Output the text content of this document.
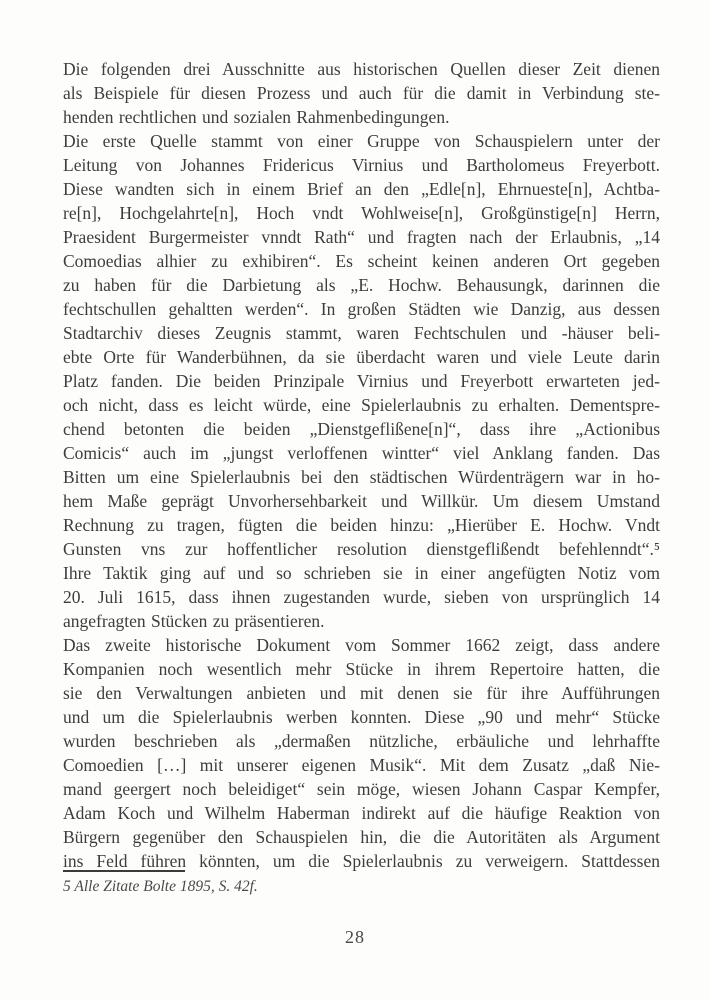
Die folgenden drei Ausschnitte aus historischen Quellen dieser Zeit dienen
als Beispiele für diesen Prozess und auch für die damit in Verbindung ste-
henden rechtlichen und sozialen Rahmenbedingungen.
Die erste Quelle stammt von einer Gruppe von Schauspielern unter der
Leitung von Johannes Fridericus Virnius und Bartholomeus Freyerbott.
Diese wandten sich in einem Brief an den „Edle[n], Ehrnueste[n], Achtba-
re[n], Hochgelahrte[n], Hoch vndt Wohlweise[n], Großgünstige[n] Herrn,
Praesident Burgermeister vnndt Rath“ und fragten nach der Erlaubnis, „14
Comoedias alhier zu exhibiren“. Es scheint keinen anderen Ort gegeben
zu haben für die Darbietung als „E. Hochw. Behausungk, darinnen die
fechtschullen gehaltten werden“. In großen Städten wie Danzig, aus dessen
Stadtarchiv dieses Zeugnis stammt, waren Fechtschulen und -häuser beli-
ebte Orte für Wanderbühnen, da sie überdacht waren und viele Leute darin
Platz fanden. Die beiden Prinzipale Virnius und Freyerbott erwarteten jed-
och nicht, dass es leicht würde, eine Spielerlaubnis zu erhalten. Dementspre-
chend betonten die beiden „Dienstgeflißene[n]“, dass ihre „Actionibus
Comicis“ auch im „jungst verloffenen wintter“ viel Anklang fanden. Das
Bitten um eine Spielerlaubnis bei den städtischen Würdenträgern war in ho-
hem Maße geprägt Unvorhersehbarkeit und Willkür. Um diesem Umstand
Rechnung zu tragen, fügten die beiden hinzu: „Hierüber E. Hochw. Vndt
Gunsten vns zur hoffentlicher resolution dienstgeflißendt befehlenndt“.⁵
Ihre Taktik ging auf und so schrieben sie in einer angefügten Notiz vom
20. Juli 1615, dass ihnen zugestanden wurde, sieben von ursprünglich 14
angefragten Stücken zu präsentieren.
Das zweite historische Dokument vom Sommer 1662 zeigt, dass andere
Kompanien noch wesentlich mehr Stücke in ihrem Repertoire hatten, die
sie den Verwaltungen anbieten und mit denen sie für ihre Aufführungen
und um die Spielerlaubnis werben konnten. Diese „90 und mehr“ Stücke
wurden beschrieben als „dermaßen nützliche, erbäuliche und lehrhaffte
Comoedien […] mit unserer eigenen Musik“. Mit dem Zusatz „daß Nie-
mand geergert noch beleidiget“ sein möge, wiesen Johann Caspar Kempfer,
Adam Koch und Wilhelm Haberman indirekt auf die häufige Reaktion von
Bürgern gegenüber den Schauspielen hin, die die Autoritäten als Argument
ins Feld führen könnten, um die Spielerlaubnis zu verweigern. Stattdessen
5 Alle Zitate Bolte 1895, S. 42f.
28
